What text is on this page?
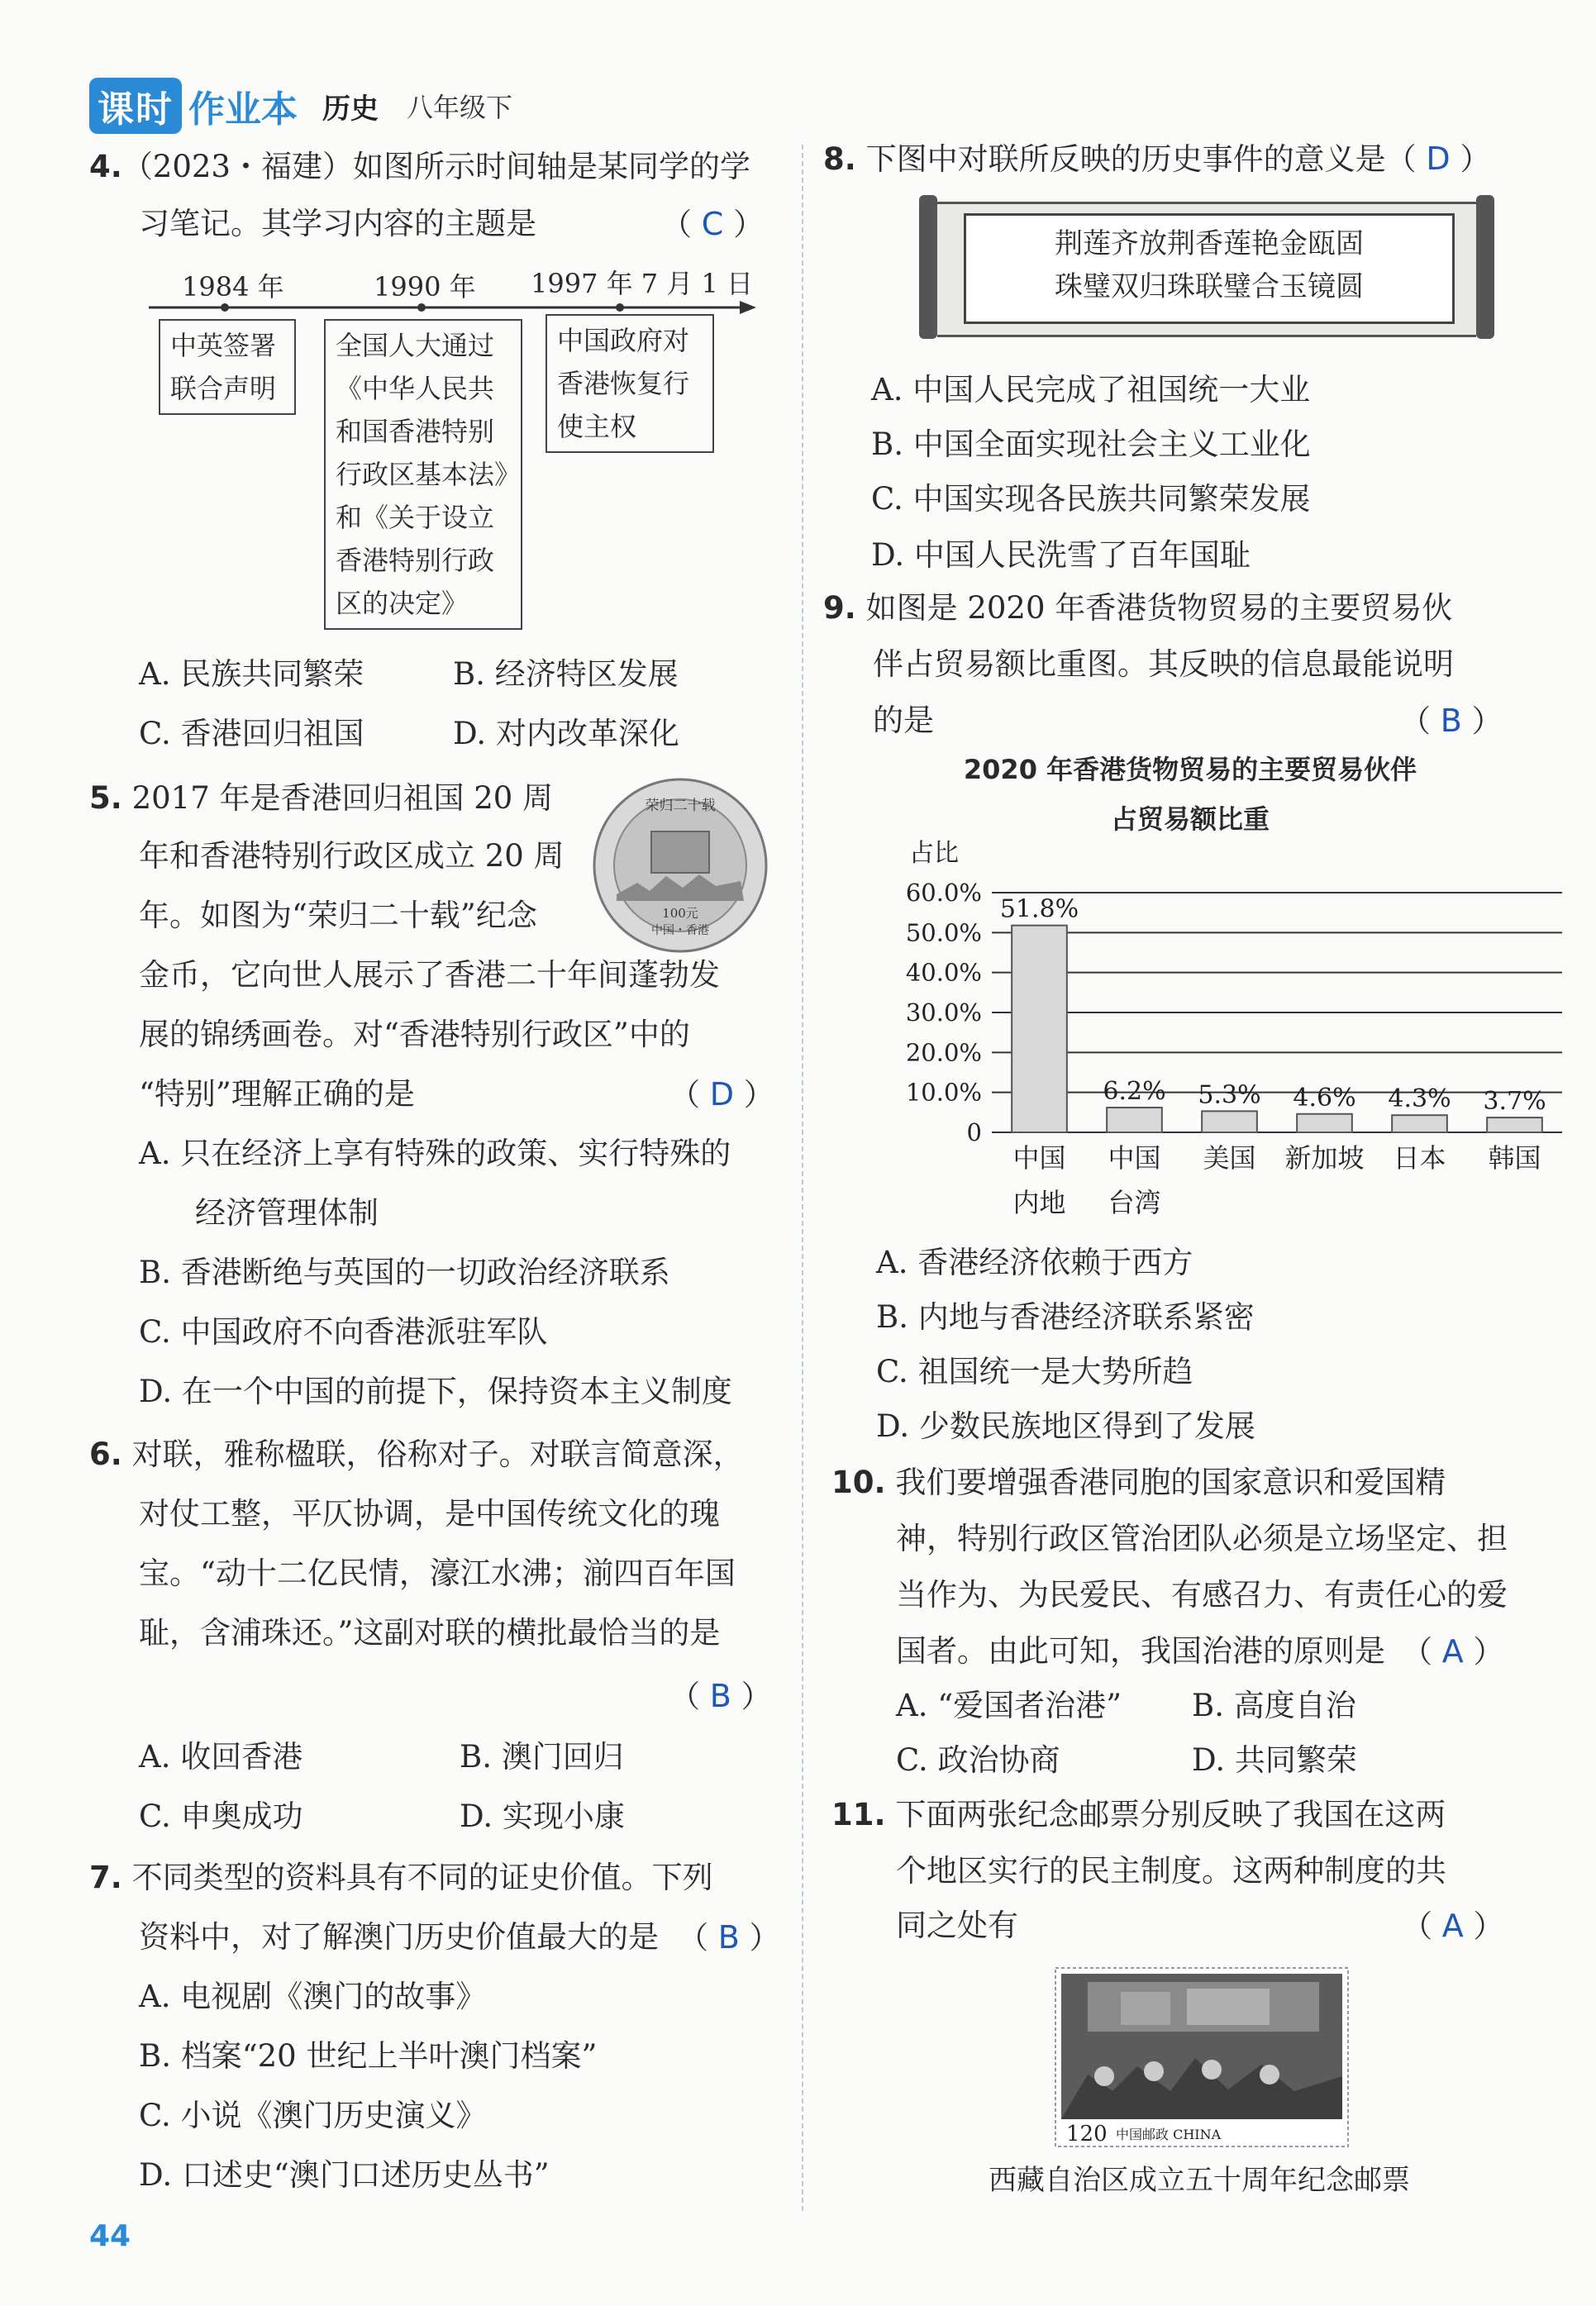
课时 作业本 历史 八年级下
4.（2023・福建）如图所示时间轴是某同学的学
习笔记。其学习内容的主题是	（ C ）
1984 年	1990 年 1997 年 7 月 1 日
中英签署
联合声明
全国人大通过
《中华人民共
和国香港特别
行政区基本法》
和《关于设立
香港特别行政
区的决定》
中国政府对
香港恢复行
使主权
A. 民族共同繁荣	B. 经济特区发展
C. 香港回归祖国	D. 对内改革深化
5. 2017 年是香港回归祖国 20 周
年和香港特别行政区成立 20 周
年。如图为“荣归二十载”纪念
金币，它向世人展示了香港二十年间蓬勃发
展的锦绣画卷。对“香港特别行政区”中的
“特别”理解正确的是	（ D ）
荣归二十载
100元
中国・香港
A. 只在经济上享有特殊的政策、实行特殊的
经济管理体制
B. 香港断绝与英国的一切政治经济联系
C. 中国政府不向香港派驻军队
D. 在一个中国的前提下，保持资本主义制度
6. 对联，雅称楹联，俗称对子。对联言简意深，
对仗工整，平仄协调，是中国传统文化的瑰
宝。“动十二亿民情，濠江水沸；湔四百年国
耻，含浦珠还。”这副对联的横批最恰当的是
（ B ）
A. 收回香港	B. 澳门回归
C. 申奥成功	D. 实现小康
7. 不同类型的资料具有不同的证史价值。下列
资料中，对了解澳门历史价值最大的是 （ B ）
A. 电视剧《澳门的故事》
B. 档案“20 世纪上半叶澳门档案”
C. 小说《澳门历史演义》
D. 口述史“澳门口述历史丛书”
44
8. 下图中对联所反映的历史事件的意义是（ D ）
荆莲齐放荆香莲艳金瓯固
珠璧双归珠联璧合玉镜圆
A. 中国人民完成了祖国统一大业
B. 中国全面实现社会主义工业化
C. 中国实现各民族共同繁荣发展
D. 中国人民洗雪了百年国耻
9. 如图是 2020 年香港货物贸易的主要贸易伙
伴占贸易额比重图。其反映的信息最能说明
的是	（ B ）
2020 年香港货物贸易的主要贸易伙伴
占贸易额比重
占比
0
10.0%
20.0%
30.0%
40.0%
50.0%
60.0%
51.8%
中国
内地
6.2%
中国
台湾
5.3%
美国
4.6%
新加坡
4.3%
日本
3.7%
韩国
A. 香港经济依赖于西方
B. 内地与香港经济联系紧密
C. 祖国统一是大势所趋
D. 少数民族地区得到了发展
10. 我们要增强香港同胞的国家意识和爱国精
神，特别行政区管治团队必须是立场坚定、担
当作为、为民爱民、有感召力、有责任心的爱
国者。由此可知，我国治港的原则是 （ A ）
A. “爱国者治港” B. 高度自治
C. 政治协商	D. 共同繁荣
11. 下面两张纪念邮票分别反映了我国在这两
个地区实行的民主制度。这两种制度的共
同之处有	（ A ）
120 中国邮政 CHINA
西藏自治区成立五十周年纪念邮票
